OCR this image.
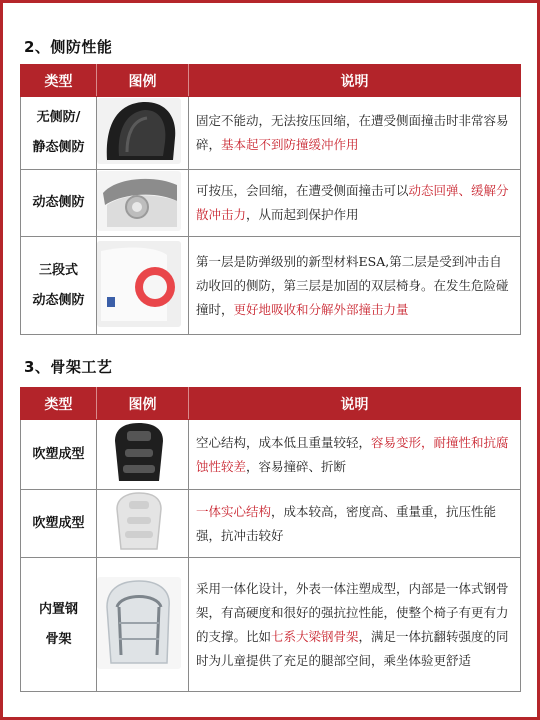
2、侧防性能
类型	图例	说明

无侧防/
静态侧防		固定不能动，无法按压回缩，在遭受侧面撞击时非常容易碎，基本起不到防撞缓冲作用

动态侧防		可按压，会回缩，在遭受侧面撞击可以动态回弹、缓解分散冲击力，从而起到保护作用

三段式
动态侧防		第一层是防弹级别的新型材料ESA,第二层是受到冲击自动收回的侧防，第三层是加固的双层椅身。在发生危险碰撞时，更好地吸收和分解外部撞击力量
3、骨架工艺
类型	图例	说明

吹塑成型		空心结构，成本低且重量较轻，容易变形，耐撞性和抗腐蚀性较差，容易撞碎、折断

吹塑成型		一体实心结构，成本较高，密度高、重量重，抗压性能强，抗冲击较好

内置钢
骨架		采用一体化设计，外表一体注塑成型，内部是一体式钢骨架，有高硬度和很好的强抗拉性能，使整个椅子有更有力的支撑。比如七系大梁钢骨架，满足一体抗翻转强度的同时为儿童提供了充足的腿部空间，乘坐体验更舒适
